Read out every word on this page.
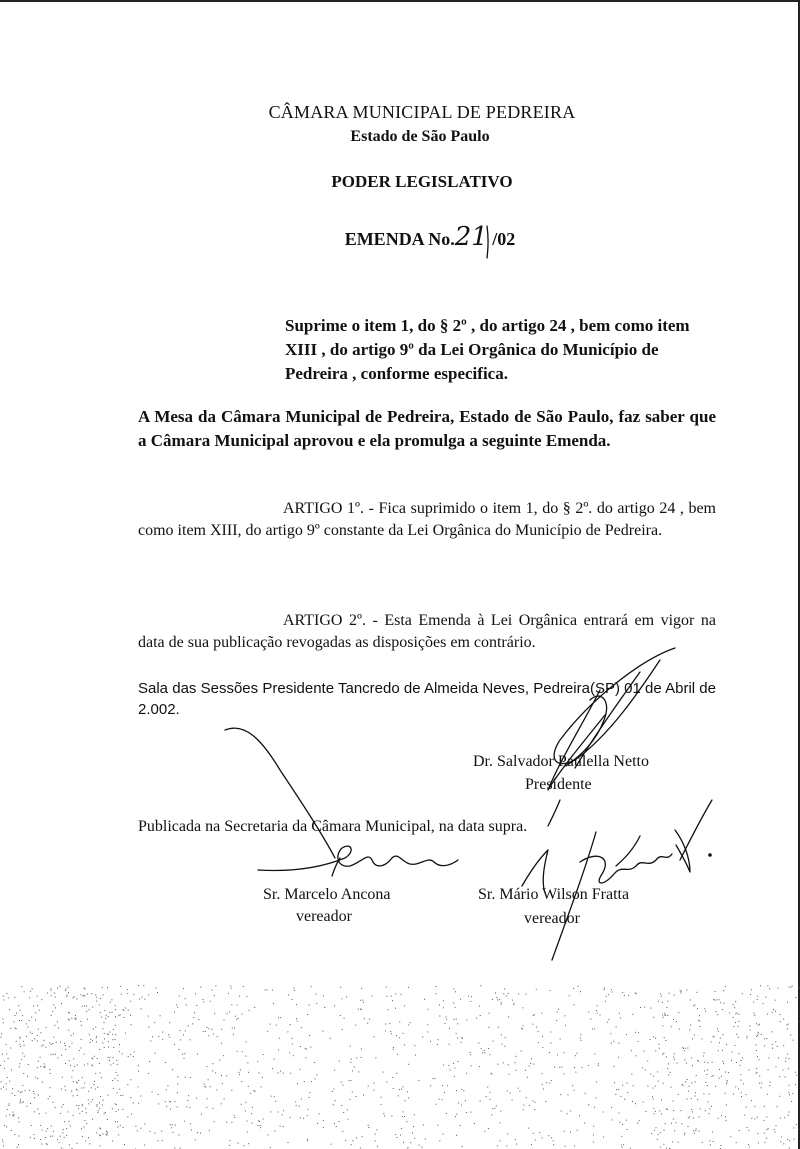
CÂMARA MUNICIPAL DE PEDREIRA
Estado de São Paulo
PODER LEGISLATIVO
EMENDA No.21 /02
Suprime o item 1, do § 2º , do artigo 24 , bem como item XIII , do artigo 9º da Lei Orgânica do Município de Pedreira , conforme especifica.
A Mesa da Câmara Municipal de Pedreira, Estado de São Paulo, faz saber que a Câmara Municipal aprovou e ela promulga a seguinte Emenda.
ARTIGO 1º. - Fica suprimido o item 1, do § 2º. do artigo 24 , bem como item XIII, do artigo 9º constante da Lei Orgânica do Município de Pedreira.
ARTIGO 2º. - Esta Emenda à Lei Orgânica entrará em vigor na data de sua publicação revogadas as disposições em contrário.
Sala das Sessões Presidente Tancredo de Almeida Neves, Pedreira(SP) 01 de Abril de 2.002.
Dr. Salvador Paulella Netto
Presidente
Publicada na Secretaria da Câmara Municipal, na data supra.
Sr. Marcelo Ancona
vereador
Sr. Mário Wilson Fratta
vereador
